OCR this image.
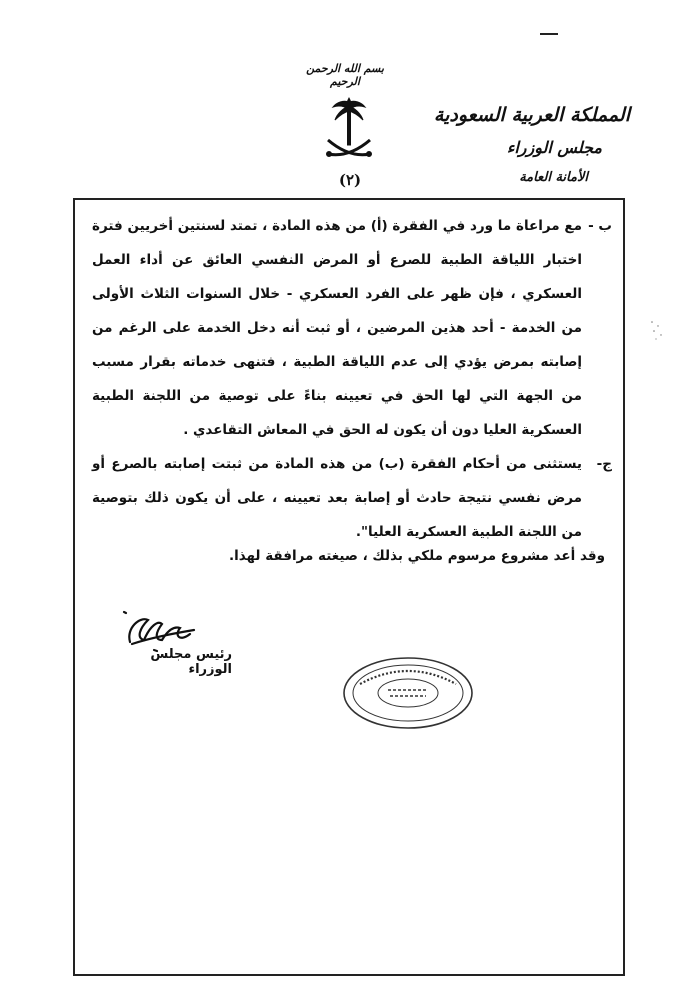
بسم الله الرحمن الرحيم
(٢)
المملكة العربية السعودية
مجلس الوزراء
الأمانة العامة

ب -
مع مراعاة ما ورد في الفقرة (أ) من هذه المادة ، تمتد لسنتين أخريين فترة اختبار اللياقة الطبية للصرع أو المرض النفسي العائق عن أداء العمل العسكري ، فإن ظهر على الفرد العسكري - خلال السنوات الثلاث الأولى من الخدمة - أحد هذين المرضين ، أو ثبت أنه دخل الخدمة على الرغم من إصابته بمرض يؤدي إلى عدم اللياقة الطبية ، فتنهى خدماته بقرار مسبب من الجهة التي لها الحق في تعيينه بناءً على توصية من اللجنة الطبية العسكرية العليا دون أن يكون له الحق في المعاش التقاعدي .

ج-
يستثنى من أحكام الفقرة (ب) من هذه المادة من ثبتت إصابته بالصرع أو مرض نفسي نتيجة حادث أو إصابة بعد تعيينه ، على أن يكون ذلك بتوصية من اللجنة الطبية العسكرية العليا".

وقد أعد مشروع مرسوم ملكي بذلك ، صيغته مرافقة لهذا.
رئيس مجلس الوزراء
